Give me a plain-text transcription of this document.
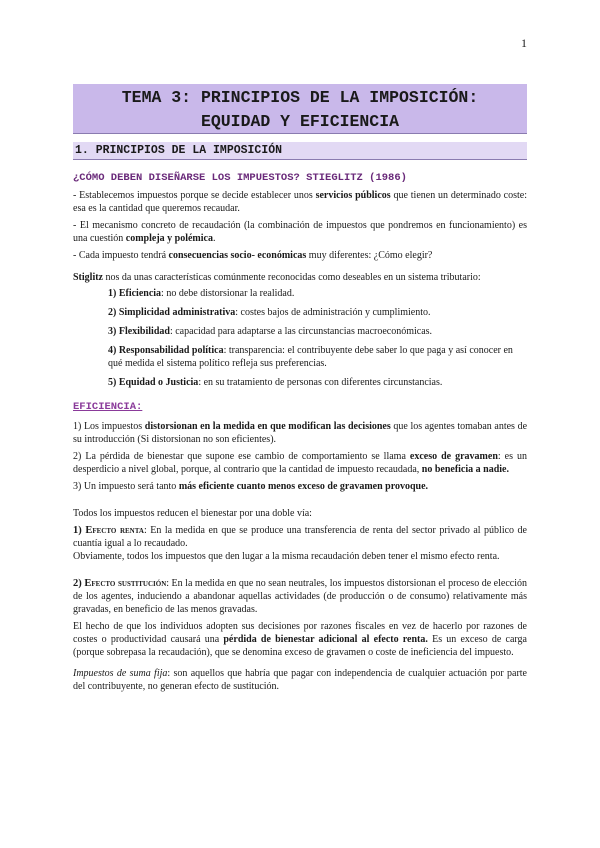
1
TEMA 3: PRINCIPIOS DE LA IMPOSICIÓN:
EQUIDAD Y EFICIENCIA
1. PRINCIPIOS DE LA IMPOSICIÓN
¿CÓMO DEBEN DISEÑARSE LOS IMPUESTOS? STIEGLITZ (1986)

- Establecemos impuestos porque se decide establecer unos servicios públicos que tienen un determinado coste: esa es la cantidad que queremos recaudar.

- El mecanismo concreto de recaudación (la combinación de impuestos que pondremos en funcionamiento) es una cuestión compleja y polémica.

- Cada impuesto tendrá consecuencias socio- económicas muy diferentes: ¿Cómo elegir?

Stiglitz nos da unas características comúnmente reconocidas como deseables en un sistema tributario:

1) Eficiencia: no debe distorsionar la realidad.

2) Simplicidad administrativa: costes bajos de administración y cumplimiento.

3) Flexibilidad: capacidad para adaptarse a las circunstancias macroeconómicas.

4) Responsabilidad política: transparencia: el contribuyente debe saber lo que paga y así conocer en qué medida el sistema político refleja sus preferencias.

5) Equidad o Justicia: en su tratamiento de personas con diferentes circunstancias.

EFICIENCIA:

1) Los impuestos distorsionan en la medida en que modifican las decisiones que los agentes tomaban antes de su introducción (Si distorsionan no son eficientes).

2) La pérdida de bienestar que supone ese cambio de comportamiento se llama exceso de gravamen: es un desperdicio a nivel global, porque, al contrario que la cantidad de impuesto recaudada, no beneficia a nadie.

3) Un impuesto será tanto más eficiente cuanto menos exceso de gravamen provoque.

Todos los impuestos reducen el bienestar por una doble vía:

1) Efecto renta: En la medida en que se produce una transferencia de renta del sector privado al público de cuantía igual a lo recaudado.

Obviamente, todos los impuestos que den lugar a la misma recaudación deben tener el mismo efecto renta.

2) Efecto sustitución: En la medida en que no sean neutrales, los impuestos distorsionan el proceso de elección de los agentes, induciendo a abandonar aquellas actividades (de producción o de consumo) relativamente más gravadas, en beneficio de las menos gravadas.

El hecho de que los individuos adopten sus decisiones por razones fiscales en vez de hacerlo por razones de costes o productividad causará una pérdida de bienestar adicional al efecto renta. Es un exceso de carga (porque sobrepasa la recaudación), que se denomina exceso de gravamen o coste de ineficiencia del impuesto.

Impuestos de suma fija: son aquellos que habría que pagar con independencia de cualquier actuación por parte del contribuyente, no generan efecto de sustitución.
